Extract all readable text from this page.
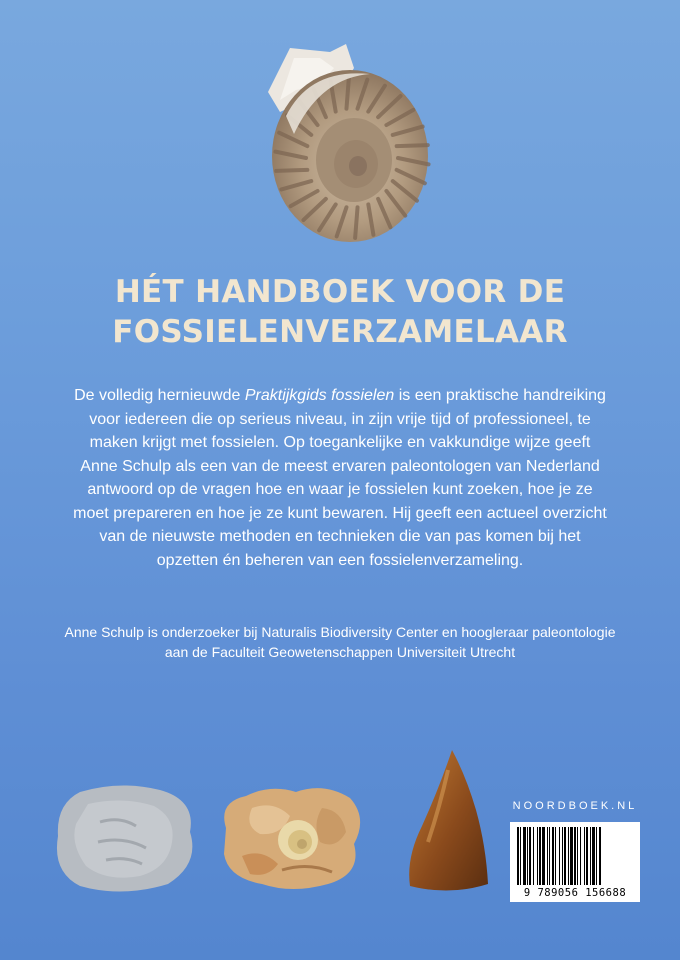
HÉT HANDBOEK VOOR DE
FOSSIELENVERZAMELAAR

De volledig hernieuwde Praktijkgids fossielen is een praktische handreiking voor iedereen die op serieus niveau, in zijn vrije tijd of professioneel, te maken krijgt met fossielen. Op toegankelijke en vakkundige wijze geeft Anne Schulp als een van de meest ervaren paleontologen van Nederland antwoord op de vragen hoe en waar je fossielen kunt zoeken, hoe je ze moet prepareren en hoe je ze kunt bewaren. Hij geeft een actueel overzicht van de nieuwste methoden en technieken die van pas komen bij het opzetten én beheren van een fossielenverzameling.

Anne Schulp is onderzoeker bij Naturalis Biodiversity Center en hoogleraar paleontologie aan de Faculteit Geowetenschappen Universiteit Utrecht

NOORDBOEK.NL
9 789056 156688
